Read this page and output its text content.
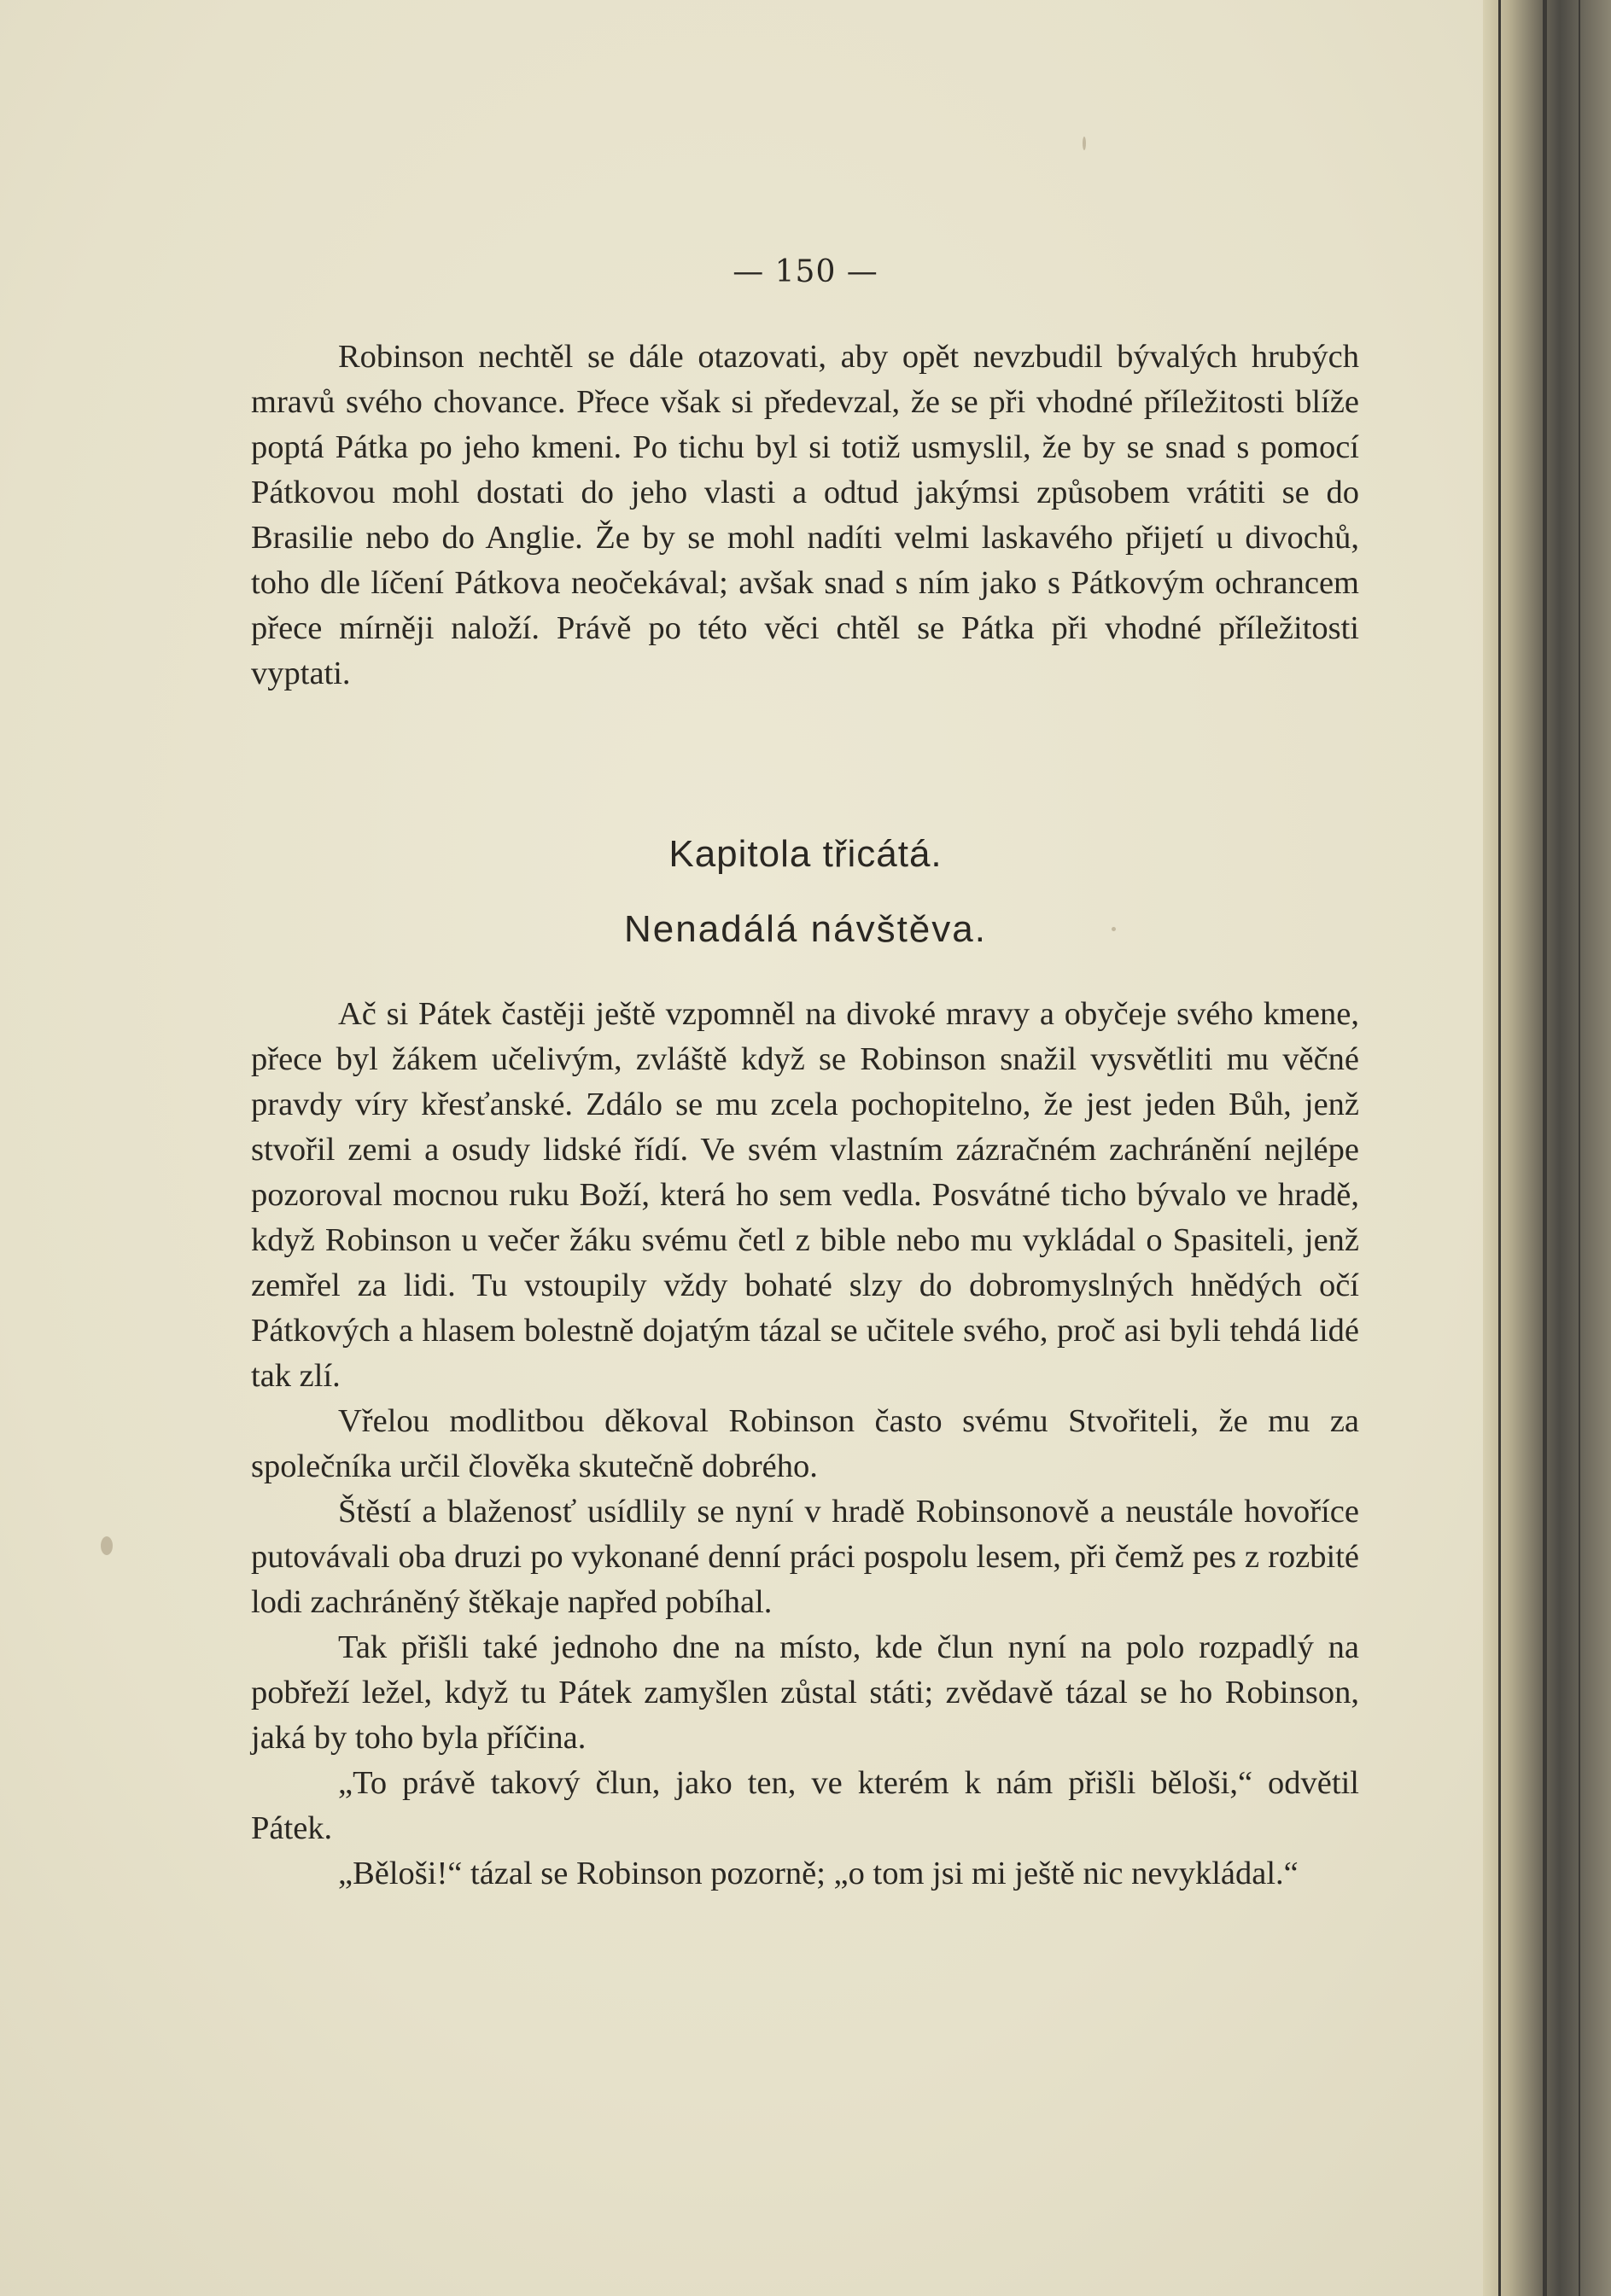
— 150 —

Robinson nechtěl se dále otazovati, aby opět nevzbudil bývalých hrubých mravů svého chovance. Přece však si předevzal, že se při vhodné příležitosti blíže poptá Pátka po jeho kmeni. Po tichu byl si totiž usmyslil, že by se snad s pomocí Pátkovou mohl dostati do jeho vlasti a odtud jakýmsi způsobem vrátiti se do Brasilie nebo do Anglie. Že by se mohl nadíti velmi laskavého přijetí u divochů, toho dle líčení Pátkova neočekával; avšak snad s ním jako s Pátkovým ochrancem přece mírněji naloží. Právě po této věci chtěl se Pátka při vhodné příležitosti vyptati.

Kapitola třicátá.
Nenadálá návštěva.

Ač si Pátek častěji ještě vzpomněl na divoké mravy a obyčeje svého kmene, přece byl žákem učelivým, zvláště když se Robinson snažil vysvětliti mu věčné pravdy víry křesťanské. Zdálo se mu zcela pochopitelno, že jest jeden Bůh, jenž stvořil zemi a osudy lidské řídí. Ve svém vlastním zázračném zachránění nejlépe pozoroval mocnou ruku Boží, která ho sem vedla. Posvátné ticho bývalo ve hradě, když Robinson u večer žáku svému četl z bible nebo mu vykládal o Spasiteli, jenž zemřel za lidi. Tu vstoupily vždy bohaté slzy do dobromyslných hnědých očí Pátkových a hlasem bolestně dojatým tázal se učitele svého, proč asi byli tehdá lidé tak zlí.

Vřelou modlitbou děkoval Robinson často svému Stvořiteli, že mu za společníka určil člověka skutečně dobrého.

Štěstí a blaženosť usídlily se nyní v hradě Robinsonově a neustále hovoříce putovávali oba druzi po vykonané denní práci pospolu lesem, při čemž pes z rozbité lodi zachráněný štěkaje napřed pobíhal.

Tak přišli také jednoho dne na místo, kde člun nyní na polo rozpadlý na pobřeží ležel, když tu Pátek zamyšlen zůstal státi; zvědavě tázal se ho Robinson, jaká by toho byla příčina.

„To právě takový člun, jako ten, ve kterém k nám přišli běloši,“ odvětil Pátek.

„Běloši!“ tázal se Robinson pozorně; „o tom jsi mi ještě nic nevykládal.“
